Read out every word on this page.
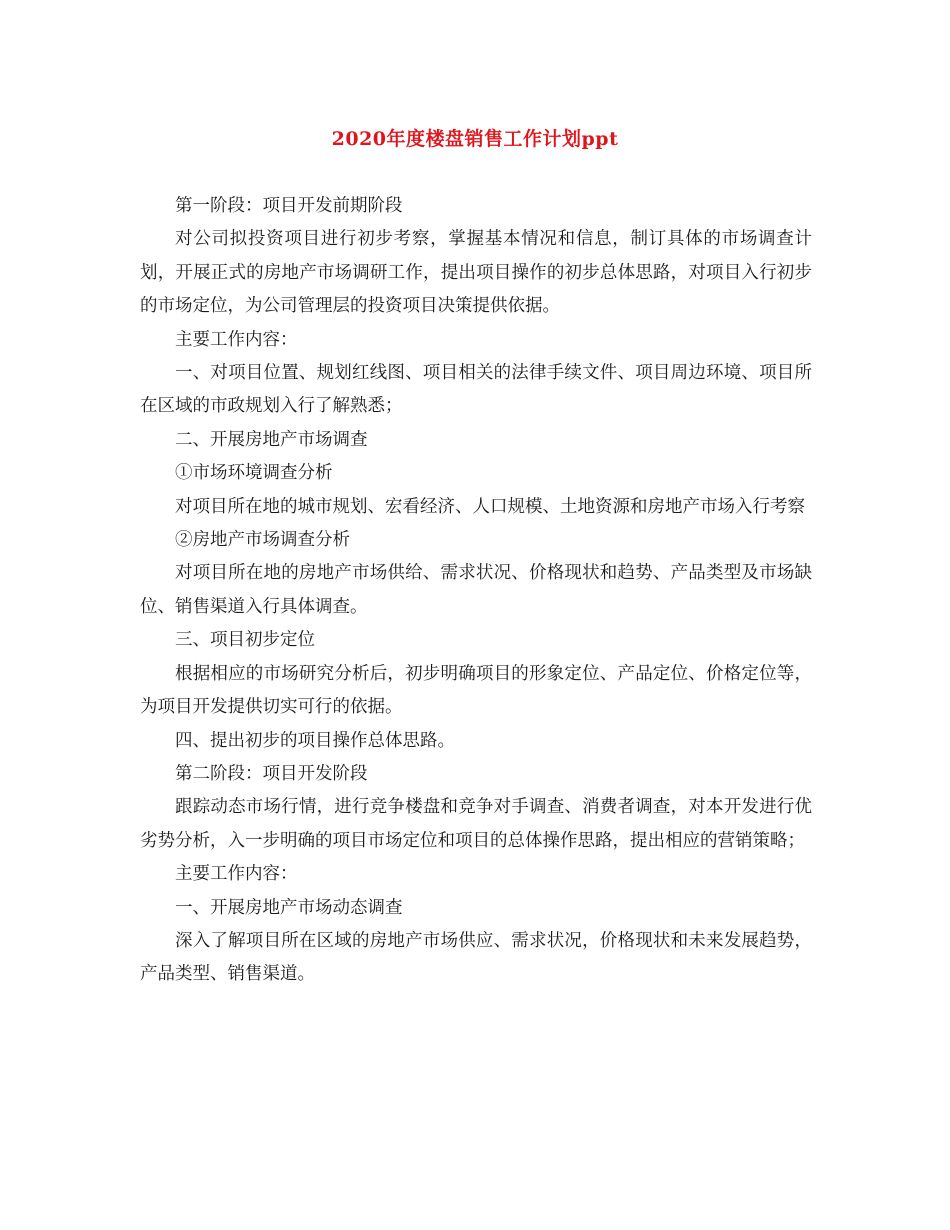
2020年度楼盘销售工作计划ppt

第一阶段：项目开发前期阶段

对公司拟投资项目进行初步考察，掌握基本情况和信息，制订具体的市场调查计划，开展正式的房地产市场调研工作，提出项目操作的初步总体思路，对项目入行初步的市场定位，为公司管理层的投资项目决策提供依据。

主要工作内容：

一、对项目位置、规划红线图、项目相关的法律手续文件、项目周边环境、项目所在区域的市政规划入行了解熟悉；

二、开展房地产市场调查

①市场环境调查分析

对项目所在地的城市规划、宏看经济、人口规模、土地资源和房地产市场入行考察

②房地产市场调查分析

对项目所在地的房地产市场供给、需求状况、价格现状和趋势、产品类型及市场缺位、销售渠道入行具体调查。

三、项目初步定位

根据相应的市场研究分析后，初步明确项目的形象定位、产品定位、价格定位等，为项目开发提供切实可行的依据。

四、提出初步的项目操作总体思路。

第二阶段：项目开发阶段

跟踪动态市场行情，进行竞争楼盘和竞争对手调查、消费者调查，对本开发进行优劣势分析，入一步明确的项目市场定位和项目的总体操作思路，提出相应的营销策略；

主要工作内容：

一、开展房地产市场动态调查

深入了解项目所在区域的房地产市场供应、需求状况，价格现状和未来发展趋势，产品类型、销售渠道。
